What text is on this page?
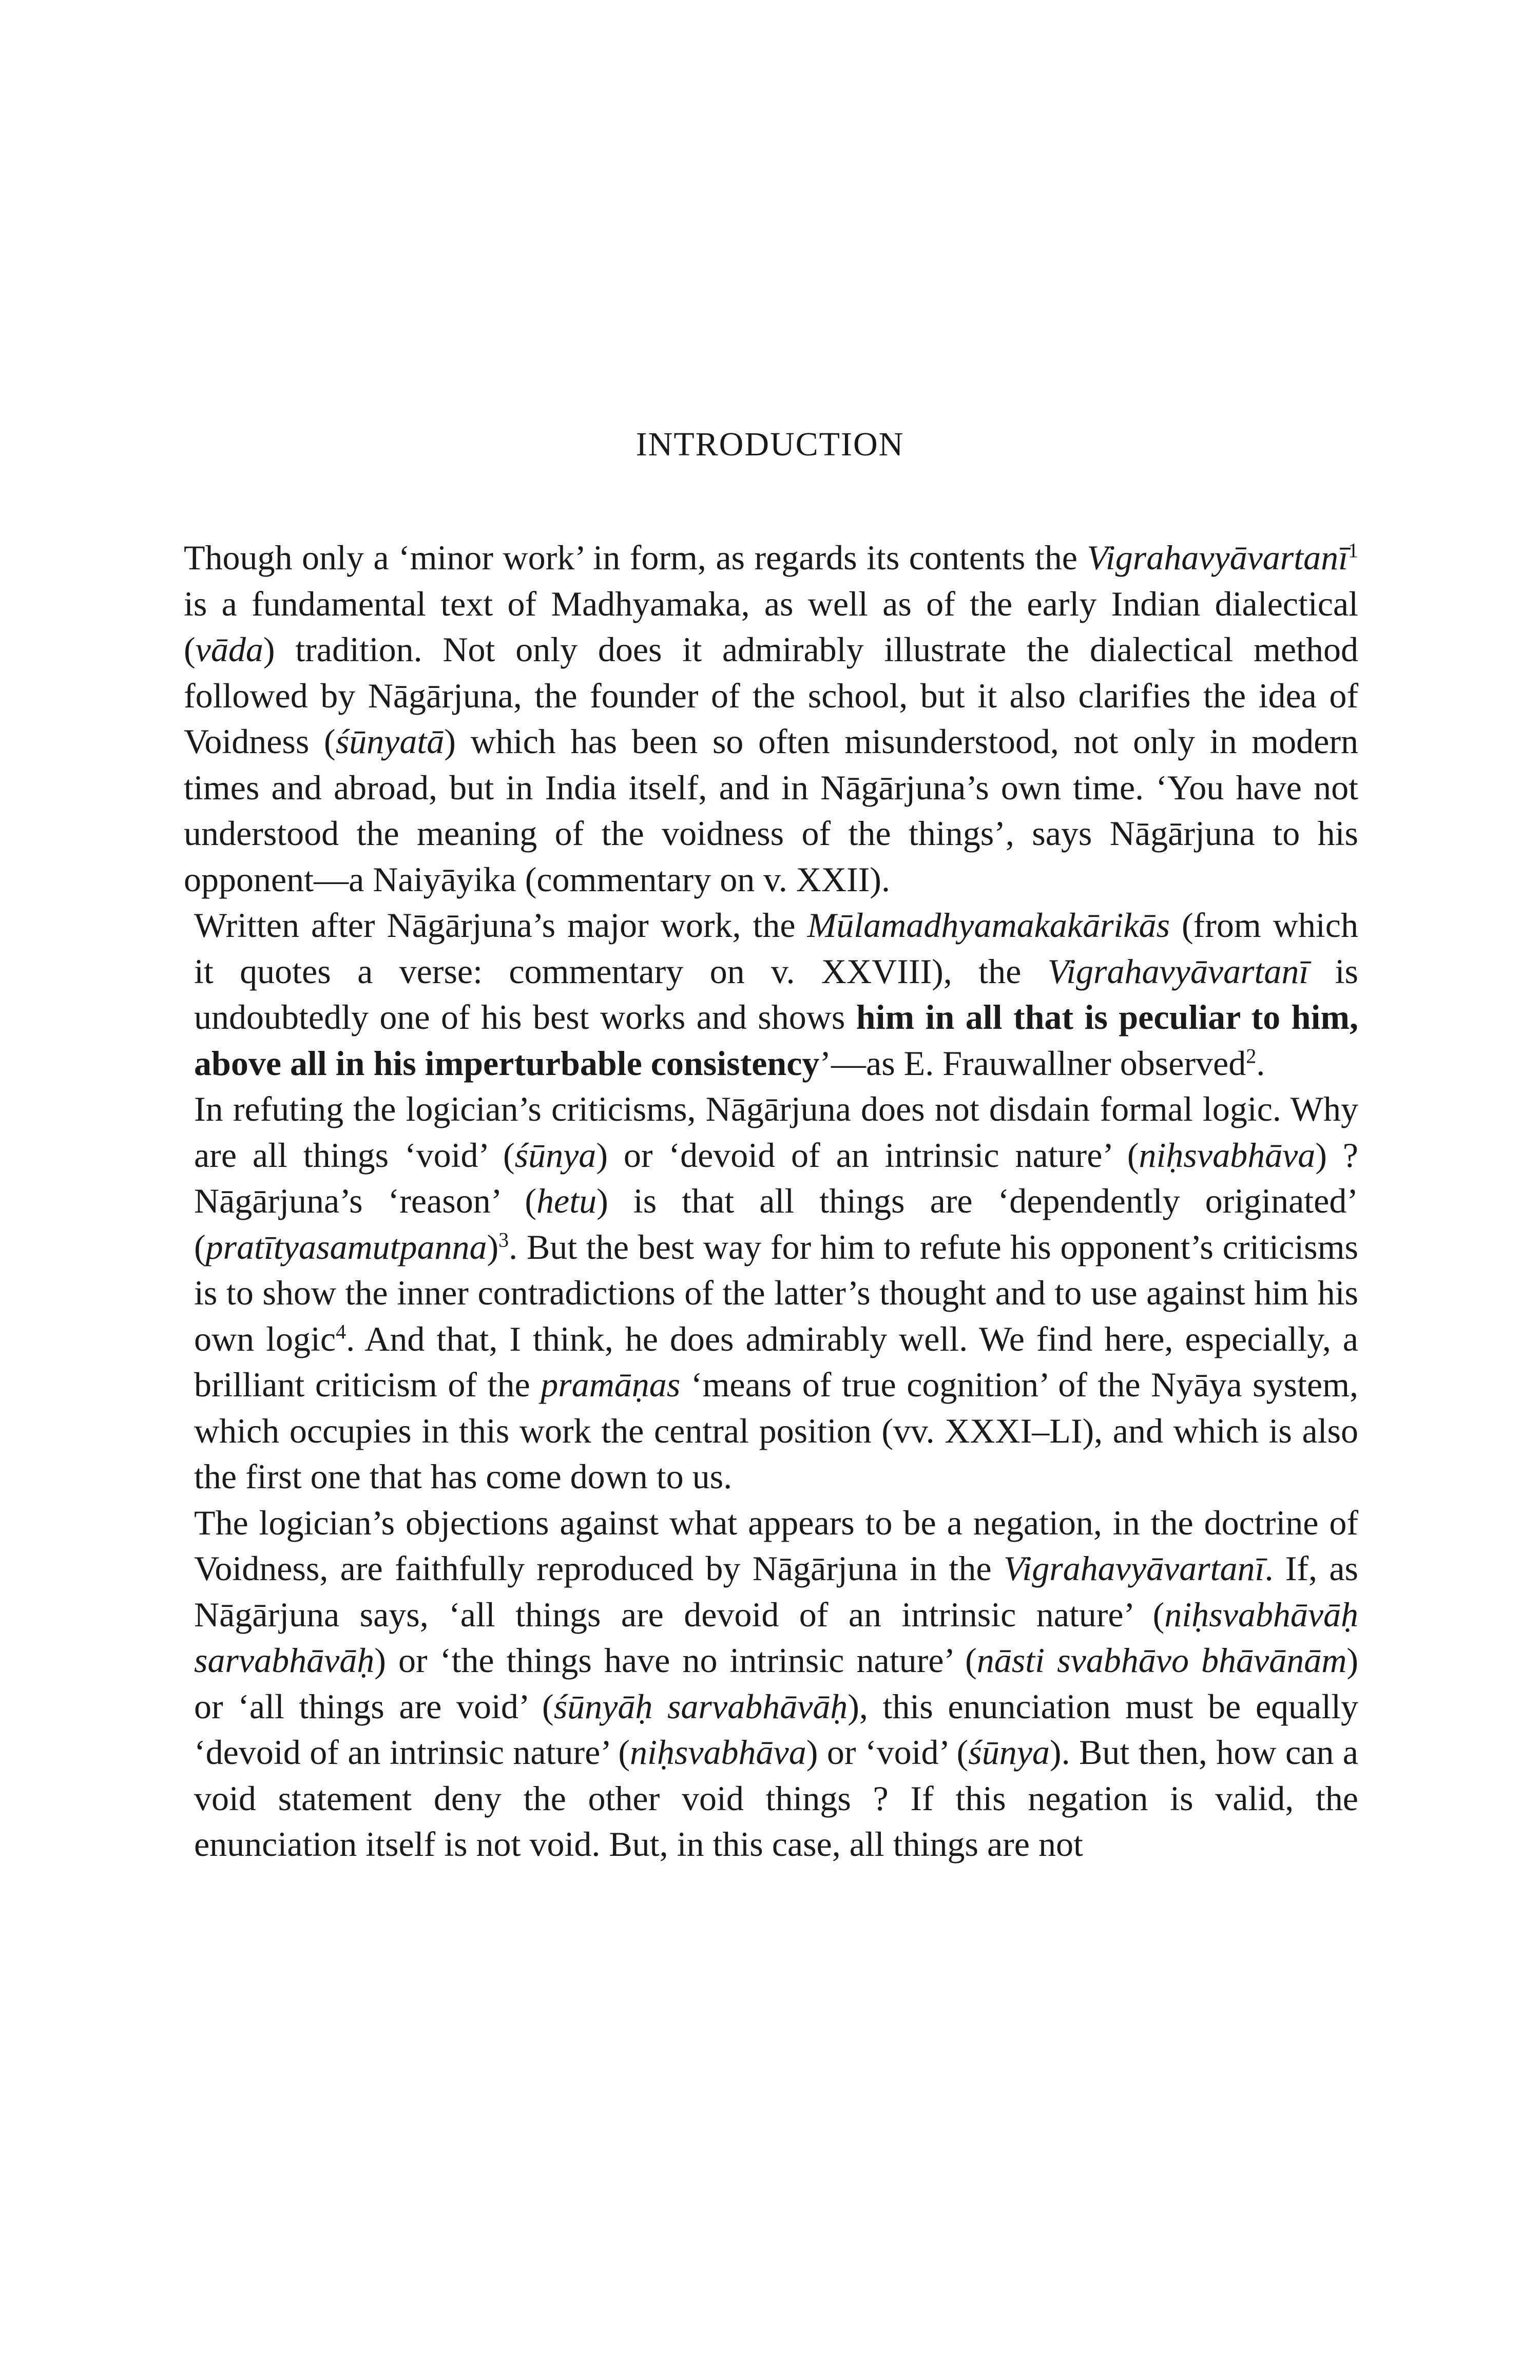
INTRODUCTION

Though only a ‘minor work’ in form, as regards its contents the Vigrahavyāvartanī$^1$ is a fundamental text of Madhyamaka, as well as of the early Indian dialectical (vāda) tradition. Not only does it admirably illustrate the dialectical method followed by Nāgārjuna, the founder of the school, but it also clarifies the idea of Voidness (śūnyatā) which has been so often misunderstood, not only in modern times and abroad, but in India itself, and in Nāgārjuna’s own time. ‘You have not understood the meaning of the voidness of the things’, says Nāgārjuna to his opponent—a Naiyāyika (commentary on v. XXII).

Written after Nāgārjuna’s major work, the Mūlamadhyamakakārikās (from which it quotes a verse: commentary on v. XXVIII), the Vigrahavyāvartanī is undoubtedly one of his best works and shows him in all that is peculiar to him, above all in his imperturbable consistency’—as E. Frauwallner observed$^2$.

In refuting the logician’s criticisms, Nāgārjuna does not disdain formal logic. Why are all things ‘void’ (śūnya) or ‘devoid of an intrinsic nature’ (niḥsvabhāva) ? Nāgārjuna’s ‘reason’ (hetu) is that all things are ‘dependently originated’ (pratītyasamutpanna)$^3$. But the best way for him to refute his opponent’s criticisms is to show the inner contradictions of the latter’s thought and to use against him his own logic$^4$. And that, I think, he does admirably well. We find here, especially, a brilliant criticism of the pramāṇas ‘means of true cognition’ of the Nyāya system, which occupies in this work the central position (vv. XXXI–LI), and which is also the first one that has come down to us.

The logician’s objections against what appears to be a negation, in the doctrine of Voidness, are faithfully reproduced by Nāgārjuna in the Vigrahavyāvartanī. If, as Nāgārjuna says, ‘all things are devoid of an intrinsic nature’ (niḥsvabhāvāḥ sarvabhāvāḥ) or ‘the things have no intrinsic nature’ (nāsti svabhāvo bhāvānām) or ‘all things are void’ (śūnyāḥ sarvabhāvāḥ), this enunciation must be equally ‘devoid of an intrinsic nature’ (niḥsvabhāva) or ‘void’ (śūnya). But then, how can a void statement deny the other void things ? If this negation is valid, the enunciation itself is not void. But, in this case, all things are not
